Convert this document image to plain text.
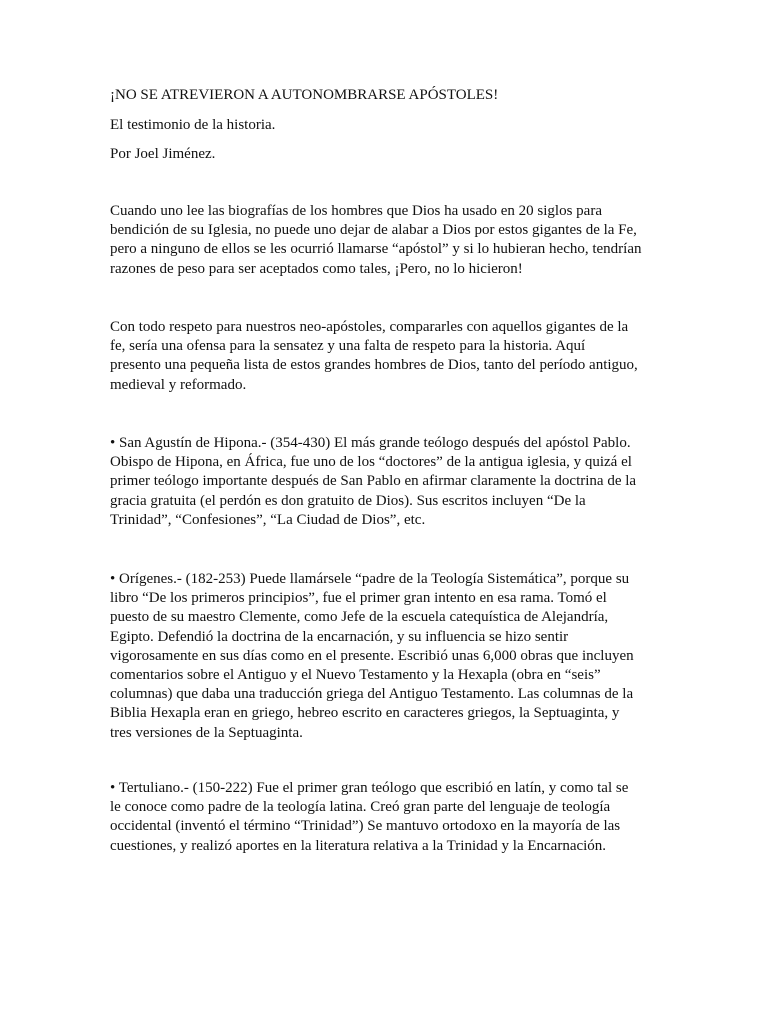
¡NO SE ATREVIERON A AUTONOMBRARSE APÓSTOLES!

El testimonio de la historia.

Por Joel Jiménez.

Cuando uno lee las biografías de los hombres que Dios ha usado en 20 siglos para

bendición de su Iglesia, no puede uno dejar de alabar a Dios por estos gigantes de la Fe,

pero a ninguno de ellos se les ocurrió llamarse “apóstol” y si lo hubieran hecho, tendrían

razones de peso para ser aceptados como tales, ¡Pero, no lo hicieron!

Con todo respeto para nuestros neo-apóstoles, compararles con aquellos gigantes de la

fe, sería una ofensa para la sensatez y una falta de respeto para la historia. Aquí

presento una pequeña lista de estos grandes hombres de Dios, tanto del período antiguo,

medieval y reformado.

• San Agustín de Hipona.- (354-430) El más grande teólogo después del apóstol Pablo.

Obispo de Hipona, en África, fue uno de los “doctores” de la antigua iglesia, y quizá el

primer teólogo importante después de San Pablo en afirmar claramente la doctrina de la

gracia gratuita (el perdón es don gratuito de Dios). Sus escritos incluyen “De la

Trinidad”, “Confesiones”, “La Ciudad de Dios”, etc.

• Orígenes.- (182-253) Puede llamársele “padre de la Teología Sistemática”, porque su

libro “De los primeros principios”, fue el primer gran intento en esa rama. Tomó el

puesto de su maestro Clemente, como Jefe de la escuela catequística de Alejandría,

Egipto. Defendió la doctrina de la encarnación, y su influencia se hizo sentir

vigorosamente en sus días como en el presente. Escribió unas 6,000 obras que incluyen

comentarios sobre el Antiguo y el Nuevo Testamento y la Hexapla (obra en “seis”

columnas) que daba una traducción griega del Antiguo Testamento. Las columnas de la

Biblia Hexapla eran en griego, hebreo escrito en caracteres griegos, la Septuaginta, y

tres versiones de la Septuaginta.

• Tertuliano.- (150-222) Fue el primer gran teólogo que escribió en latín, y como tal se

le conoce como padre de la teología latina. Creó gran parte del lenguaje de teología

occidental (inventó el término “Trinidad”) Se mantuvo ortodoxo en la mayoría de las

cuestiones, y realizó aportes en la literatura relativa a la Trinidad y la Encarnación.
